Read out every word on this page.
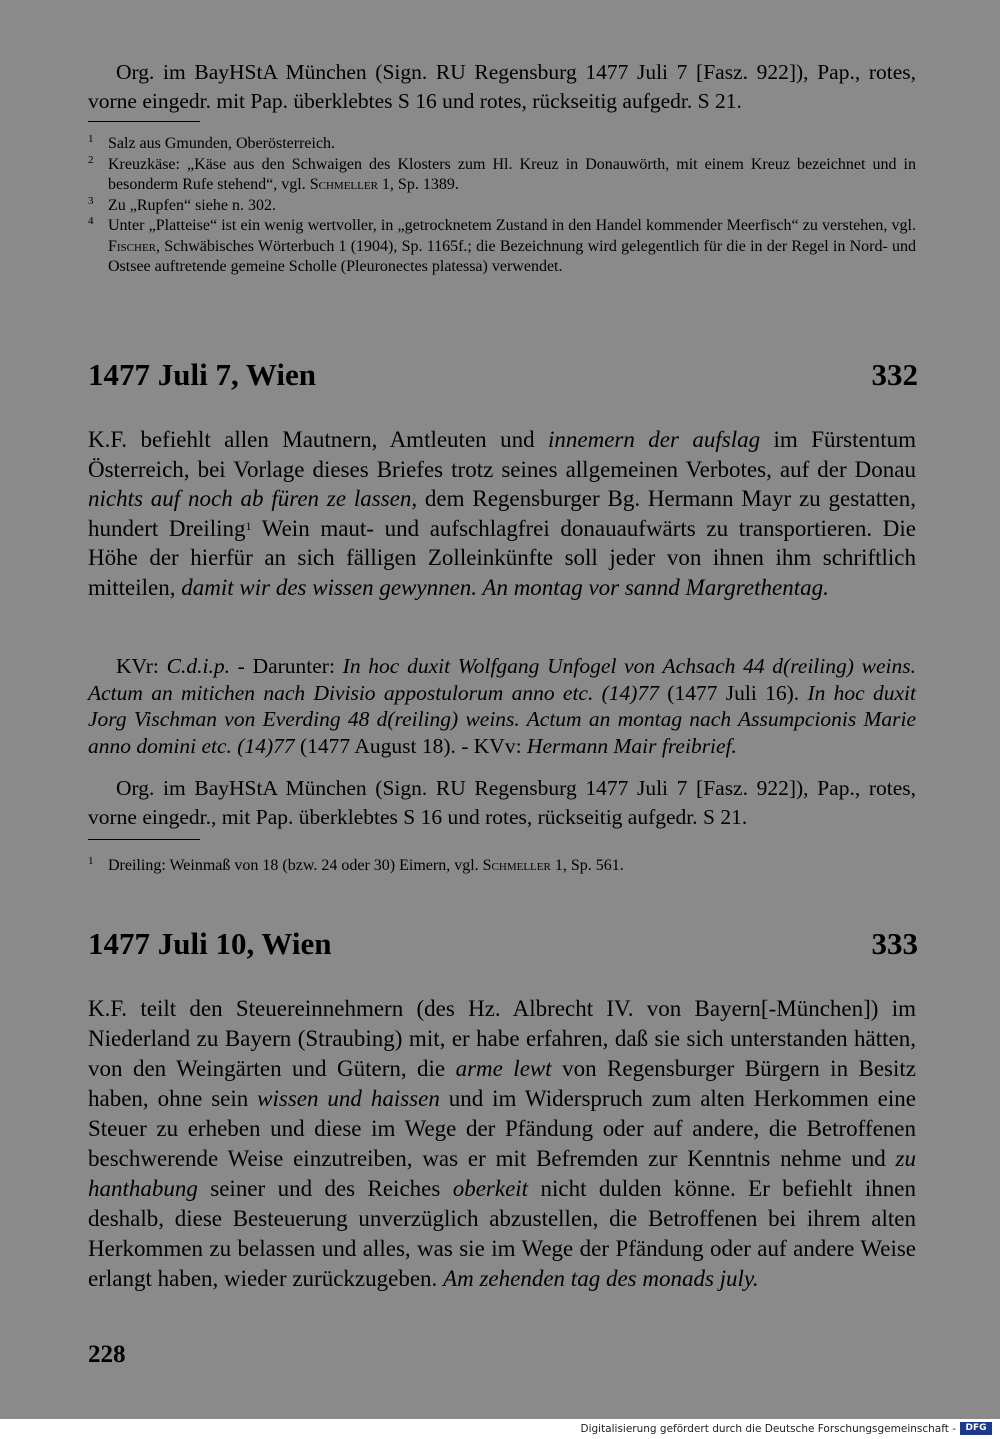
Org. im BayHStA München (Sign. RU Regensburg 1477 Juli 7 [Fasz. 922]), Pap., rotes, vorne eingedr. mit Pap. überklebtes S 16 und rotes, rückseitig aufgedr. S 21.
1 Salz aus Gmunden, Oberösterreich.
2 Kreuzkäse: „Käse aus den Schwaigen des Klosters zum Hl. Kreuz in Donauwörth, mit einem Kreuz bezeichnet und in besonderm Rufe stehend“, vgl. Schmeller 1, Sp. 1389.
3 Zu „Rupfen“ siehe n. 302.
4 Unter „Platteise“ ist ein wenig wertvoller, in „getrocknetem Zustand in den Handel kommender Meerfisch“ zu verstehen, vgl. Fischer, Schwäbisches Wörterbuch 1 (1904), Sp. 1165f.; die Bezeichnung wird gelegentlich für die in der Regel in Nord- und Ostsee auftretende gemeine Scholle (Pleuronectes platessa) verwendet.
1477 Juli 7, Wien	332
K.F. befiehlt allen Mautnern, Amtleuten und innemern der aufslag im Fürstentum Österreich, bei Vorlage dieses Briefes trotz seines allgemeinen Verbotes, auf der Donau nichts auf noch ab füren ze lassen, dem Regensburger Bg. Hermann Mayr zu gestatten, hundert Dreiling$^1$ Wein maut- und aufschlagfrei donauaufwärts zu transportieren. Die Höhe der hierfür an sich fälligen Zolleinkünfte soll jeder von ihnen ihm schriftlich mitteilen, damit wir des wissen gewynnen. An montag vor sannd Margrethentag.
KVr: C.d.i.p. - Darunter: In hoc duxit Wolfgang Unfogel von Achsach 44 d(reiling) weins. Actum an mitichen nach Divisio appostulorum anno etc. (14)77 (1477 Juli 16). In hoc duxit Jorg Vischman von Everding 48 d(reiling) weins. Actum an montag nach Assumpcionis Marie anno domini etc. (14)77 (1477 August 18). - KVv: Hermann Mair freibrief.
Org. im BayHStA München (Sign. RU Regensburg 1477 Juli 7 [Fasz. 922]), Pap., rotes, vorne eingedr., mit Pap. überklebtes S 16 und rotes, rückseitig aufgedr. S 21.
1 Dreiling: Weinmaß von 18 (bzw. 24 oder 30) Eimern, vgl. Schmeller 1, Sp. 561.
1477 Juli 10, Wien	333
K.F. teilt den Steuereinnehmern (des Hz. Albrecht IV. von Bayern[-München]) im Niederland zu Bayern (Straubing) mit, er habe erfahren, daß sie sich unterstanden hätten, von den Weingärten und Gütern, die arme lewt von Regensburger Bürgern in Besitz haben, ohne sein wissen und haissen und im Widerspruch zum alten Herkommen eine Steuer zu erheben und diese im Wege der Pfändung oder auf andere, die Betroffenen beschwerende Weise einzutreiben, was er mit Befremden zur Kenntnis nehme und zu hanthabung seiner und des Reiches oberkeit nicht dulden könne. Er befiehlt ihnen deshalb, diese Besteuerung unverzüglich abzustellen, die Betroffenen bei ihrem alten Herkommen zu belassen und alles, was sie im Wege der Pfändung oder auf andere Weise erlangt haben, wieder zurückzugeben. Am zehenden tag des monads july.
228
Digitalisierung gefördert durch die Deutsche Forschungsgemeinschaft -	DFG
